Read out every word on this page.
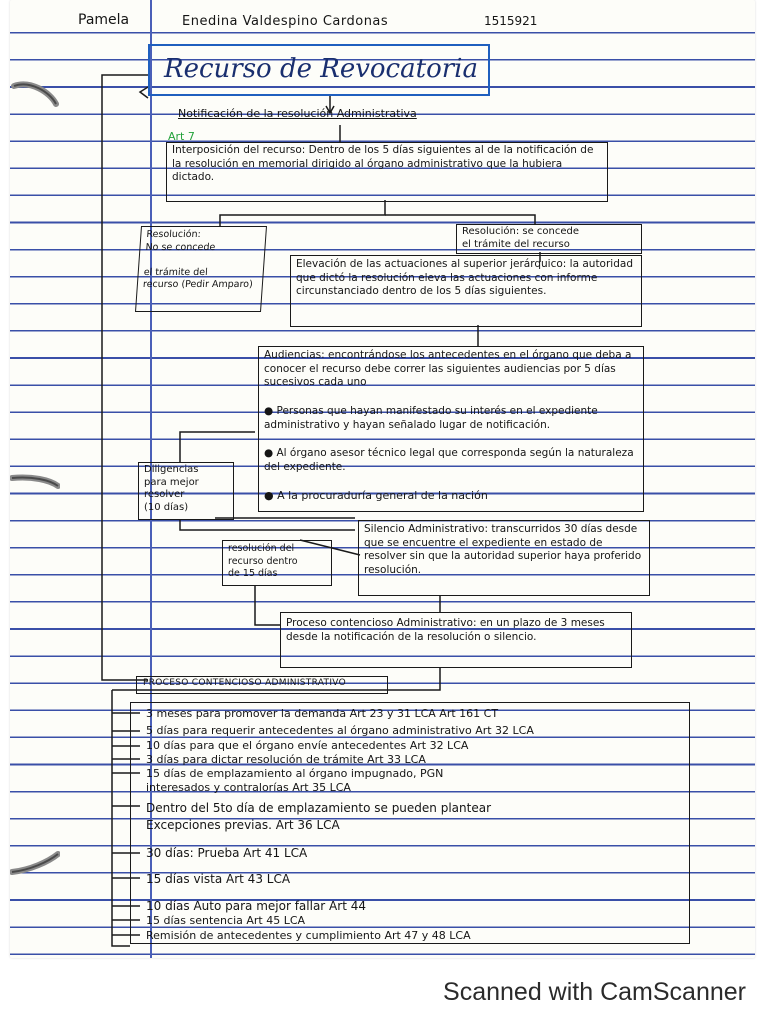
Pamela	Enedina Valdespino Cardonas	1515921
Recurso de Revocatoria
Notificación de la resolución Administrativa
Art 7
Interposición del recurso: Dentro de los 5 días siguientes al de la notificación de la resolución en memorial dirigido al órgano administrativo que la hubiera dictado.
Resolución:
No se concede

el trámite del
recurso (Pedir Amparo)
Resolución: se concede
el trámite del recurso
Elevación de las actuaciones al superior jerárquico: la autoridad que dictó la resolución eleva las actuaciones con informe circunstanciado dentro de los 5 días siguientes.
Audiencias: encontrándose los antecedentes en el órgano que deba a conocer el recurso debe correr las siguientes audiencias por 5 días sucesivos cada uno
● Personas que hayan manifestado su interés en el expediente administrativo y hayan señalado lugar de notificación.
● Al órgano asesor técnico legal que corresponda según la naturaleza del expediente.
● A la procuraduría general de la nación
Diligencias
para mejor
resolver
(10 días)
resolución del
recurso dentro
de 15 días
Silencio Administrativo: transcurridos 30 días desde que se encuentre el expediente en estado de resolver sin que la autoridad superior haya proferido resolución.
Proceso contencioso Administrativo: en un plazo de 3 meses desde la notificación de la resolución o silencio.
PROCESO CONTENCIOSO ADMINISTRATIVO
3 meses para promover la demanda Art 23 y 31 LCA Art 161 CT
5 días para requerir antecedentes al órgano administrativo Art 32 LCA
10 días para que el órgano envíe antecedentes Art 32 LCA
3 días para dictar resolución de trámite Art 33 LCA
15 días de emplazamiento al órgano impugnado, PGN
interesados y contralorías Art 35 LCA
Dentro del 5to día de emplazamiento se pueden plantear
Excepciones previas. Art 36 LCA
30 días: Prueba Art 41 LCA
15 días vista Art 43 LCA
10 días Auto para mejor fallar Art 44
15 días sentencia Art 45 LCA
Remisión de antecedentes y cumplimiento Art 47 y 48 LCA
Scanned with CamScanner
